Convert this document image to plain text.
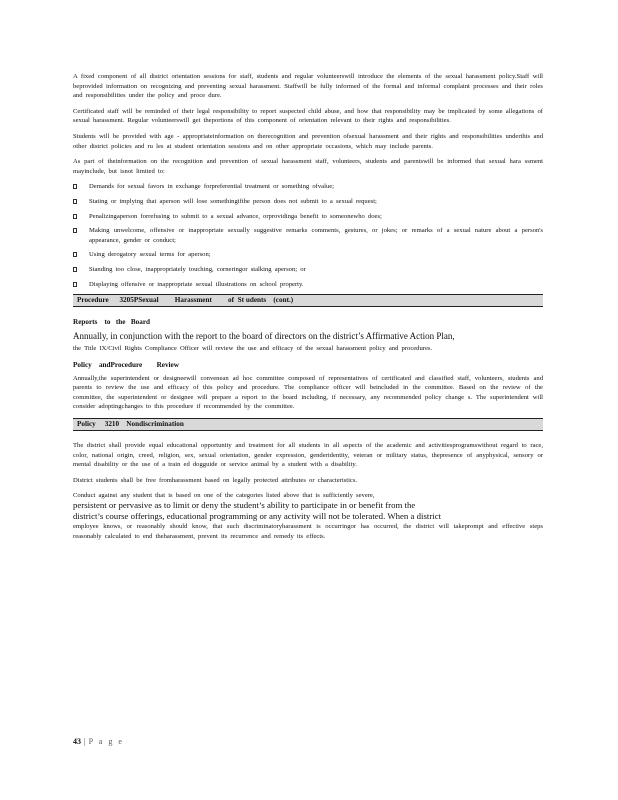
A fixed component of all district orientation sessions for staff, students and regular volunteerswill introduce the elements of the sexual harassment policy.Staff will beprovided information on recognizing and preventing sexual harassment. Staffwill be fully informed of the formal and informal complaint processes and their roles and responsibilities under the policy and proce dure.

Certificated staff will be reminded of their legal responsibility to report suspected child abuse, and how that responsibility may be implicated by some allegations of sexual harassment. Regular volunteerswill get theportions of this component of orientation relevant to their rights and responsibilities.

Students will be provided with age - appropriateinformation on therecognition and prevention ofsexual harassment and their rights and responsibilities underthis and other district policies and ru les at student orientation sessions and on other appropriate occasions, which may include parents.

As part of theinformation on the recognition and prevention of sexual harassment staff, volunteers, students and parentswill be informed that sexual hara ssment mayinclude, but isnot limited to:

Demands for sexual favors in exchange forpreferential treatment or something ofvalue;
Stating or implying that aperson will lose somethingifthe person does not submit to a sexual request;
Penalizingaperson forrefusing to submit to a sexual advance, orprovidinga benefit to someonewho does;
Making unwelcome, offensive or inappropriate sexually suggestive remarks comments, gestures, or jokes; or remarks of a sexual nature about a person's appearance, gender or conduct;
Using derogatory sexual terms for aperson;
Standing too close, inappropriately touching, corneringor stalking aperson; or
Displaying offensive or inappropriate sexual illustrations on school property.
Procedure      3205PSexual         Harassment         of  St udents    (cont.)
Reports    to   the   Board

Annually, in conjunction with the report to the board of directors on the district’s Affirmative Action Plan,
the Title IX/Civil Rights Compliance Officer will review the use and efficacy of the sexual harassment policy and procedures.

Policy    andProcedure        Review

Annually,the superintendent or designeewill convenean ad hoc committee composed of representatives of certificated and classified staff, volunteers, students and parents to review the use and efficacy of this policy and procedure. The compliance officer will beincluded in the committee. Based on the review of the committee, the superintendent or designee will prepare a report to the board including, if necessary, any recommended policy change s. The superintendent will consider adoptingchanges to this procedure if recommended by the committee.

Policy     3210    Nondiscrimination

The district shall provide equal educational opportunity and treatment for all students in all aspects of the academic and activitiesprogramswithout regard to race, color, national origin, creed, religion, sex, sexual orientation, gender expression, genderidentity, veteran or military status, thepresence of anyphysical, sensory or mental disability or the use of a train ed dogguide or service animal by a student with a disability.

District students shall be free fromharassment based on legally protected attributes or characteristics.

Conduct against any student that is based on one of the categories listed above that is sufficiently severe,
persistent or pervasive as to limit or deny the student’s ability to participate in or benefit from the
district’s course offerings, educational programming or any activity will not be tolerated. When a district
employee knows, or reasonably should know, that such discriminatoryharassment is occurringor has occurred, the district will takeprompt and effective steps reasonably calculated to end theharassment, prevent its recurrence and remedy its effects.

43 | P a g e
